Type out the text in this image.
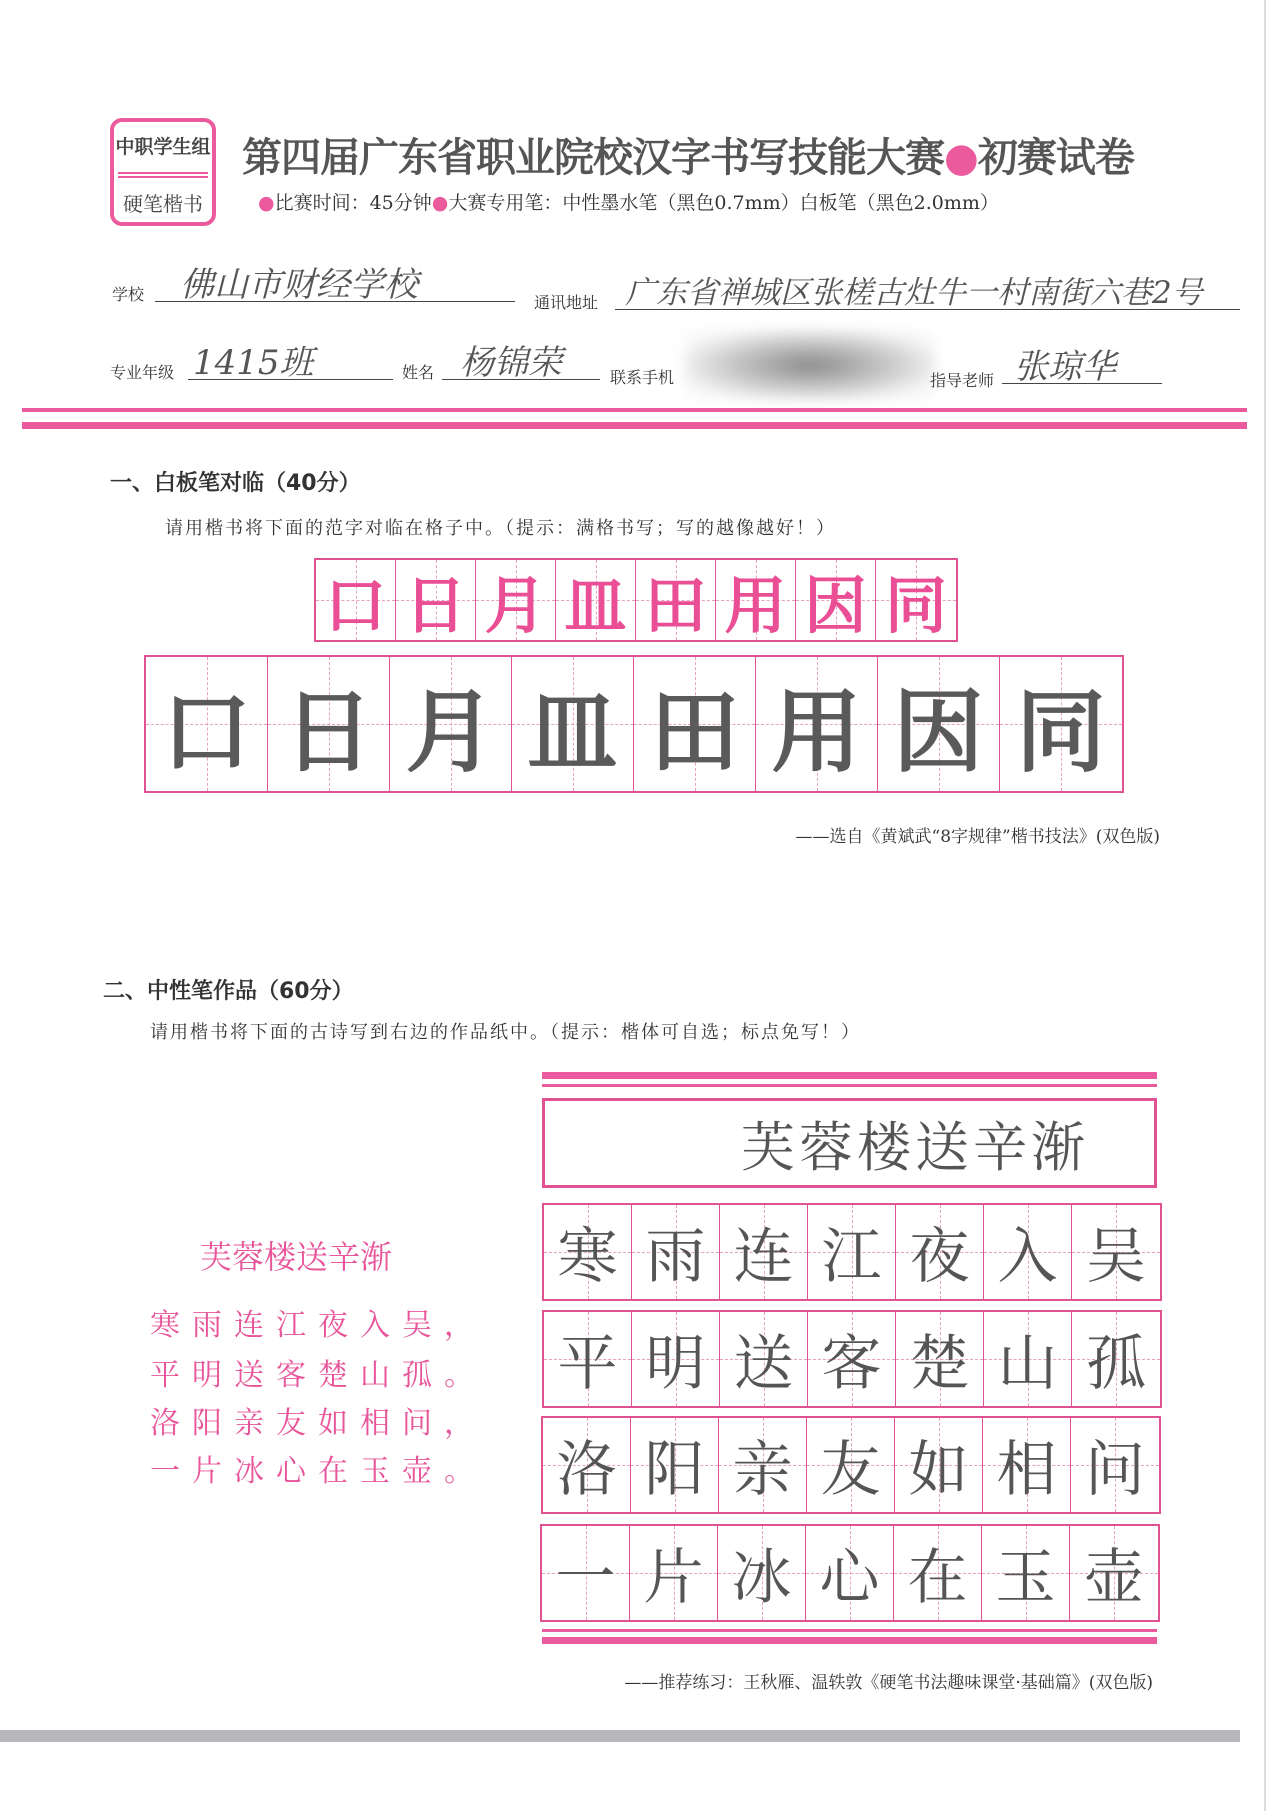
中职学生组
硬笔楷书
第四届广东省职业院校汉字书写技能大赛●初赛试卷
●比赛时间：45分钟●大赛专用笔：中性墨水笔（黑色0.7mm）白板笔（黑色2.0mm）
学校	佛山市财经学校	通讯地址 广东省禅城区张槎古灶牛一村南街六巷2号
专业年级 1415班	姓名 杨锦荣	联系手机	指导老师 张琼华
一、白板笔对临（40分）
请用楷书将下面的范字对临在格子中。（提示：满格书写；写的越像越好！）
口 日 月 皿 田 用 因 同
口 日 月 皿 田 用 因 同
——选自《黄斌武“8字规律”楷书技法》(双色版)
二、中性笔作品（60分）
请用楷书将下面的古诗写到右边的作品纸中。（提示：楷体可自选；标点免写！）
芙蓉楼送辛渐
寒雨连江夜入吴，
平明送客楚山孤。
洛阳亲友如相问，
一片冰心在玉壶。
芙蓉楼送辛渐
寒 雨 连 江 夜 入 吴
平 明 送 客 楚 山 孤
洛 阳 亲 友 如 相 问
一 片 冰 心 在 玉 壶
——推荐练习：王秋雁、温轶敦《硬笔书法趣味课堂·基础篇》(双色版)
